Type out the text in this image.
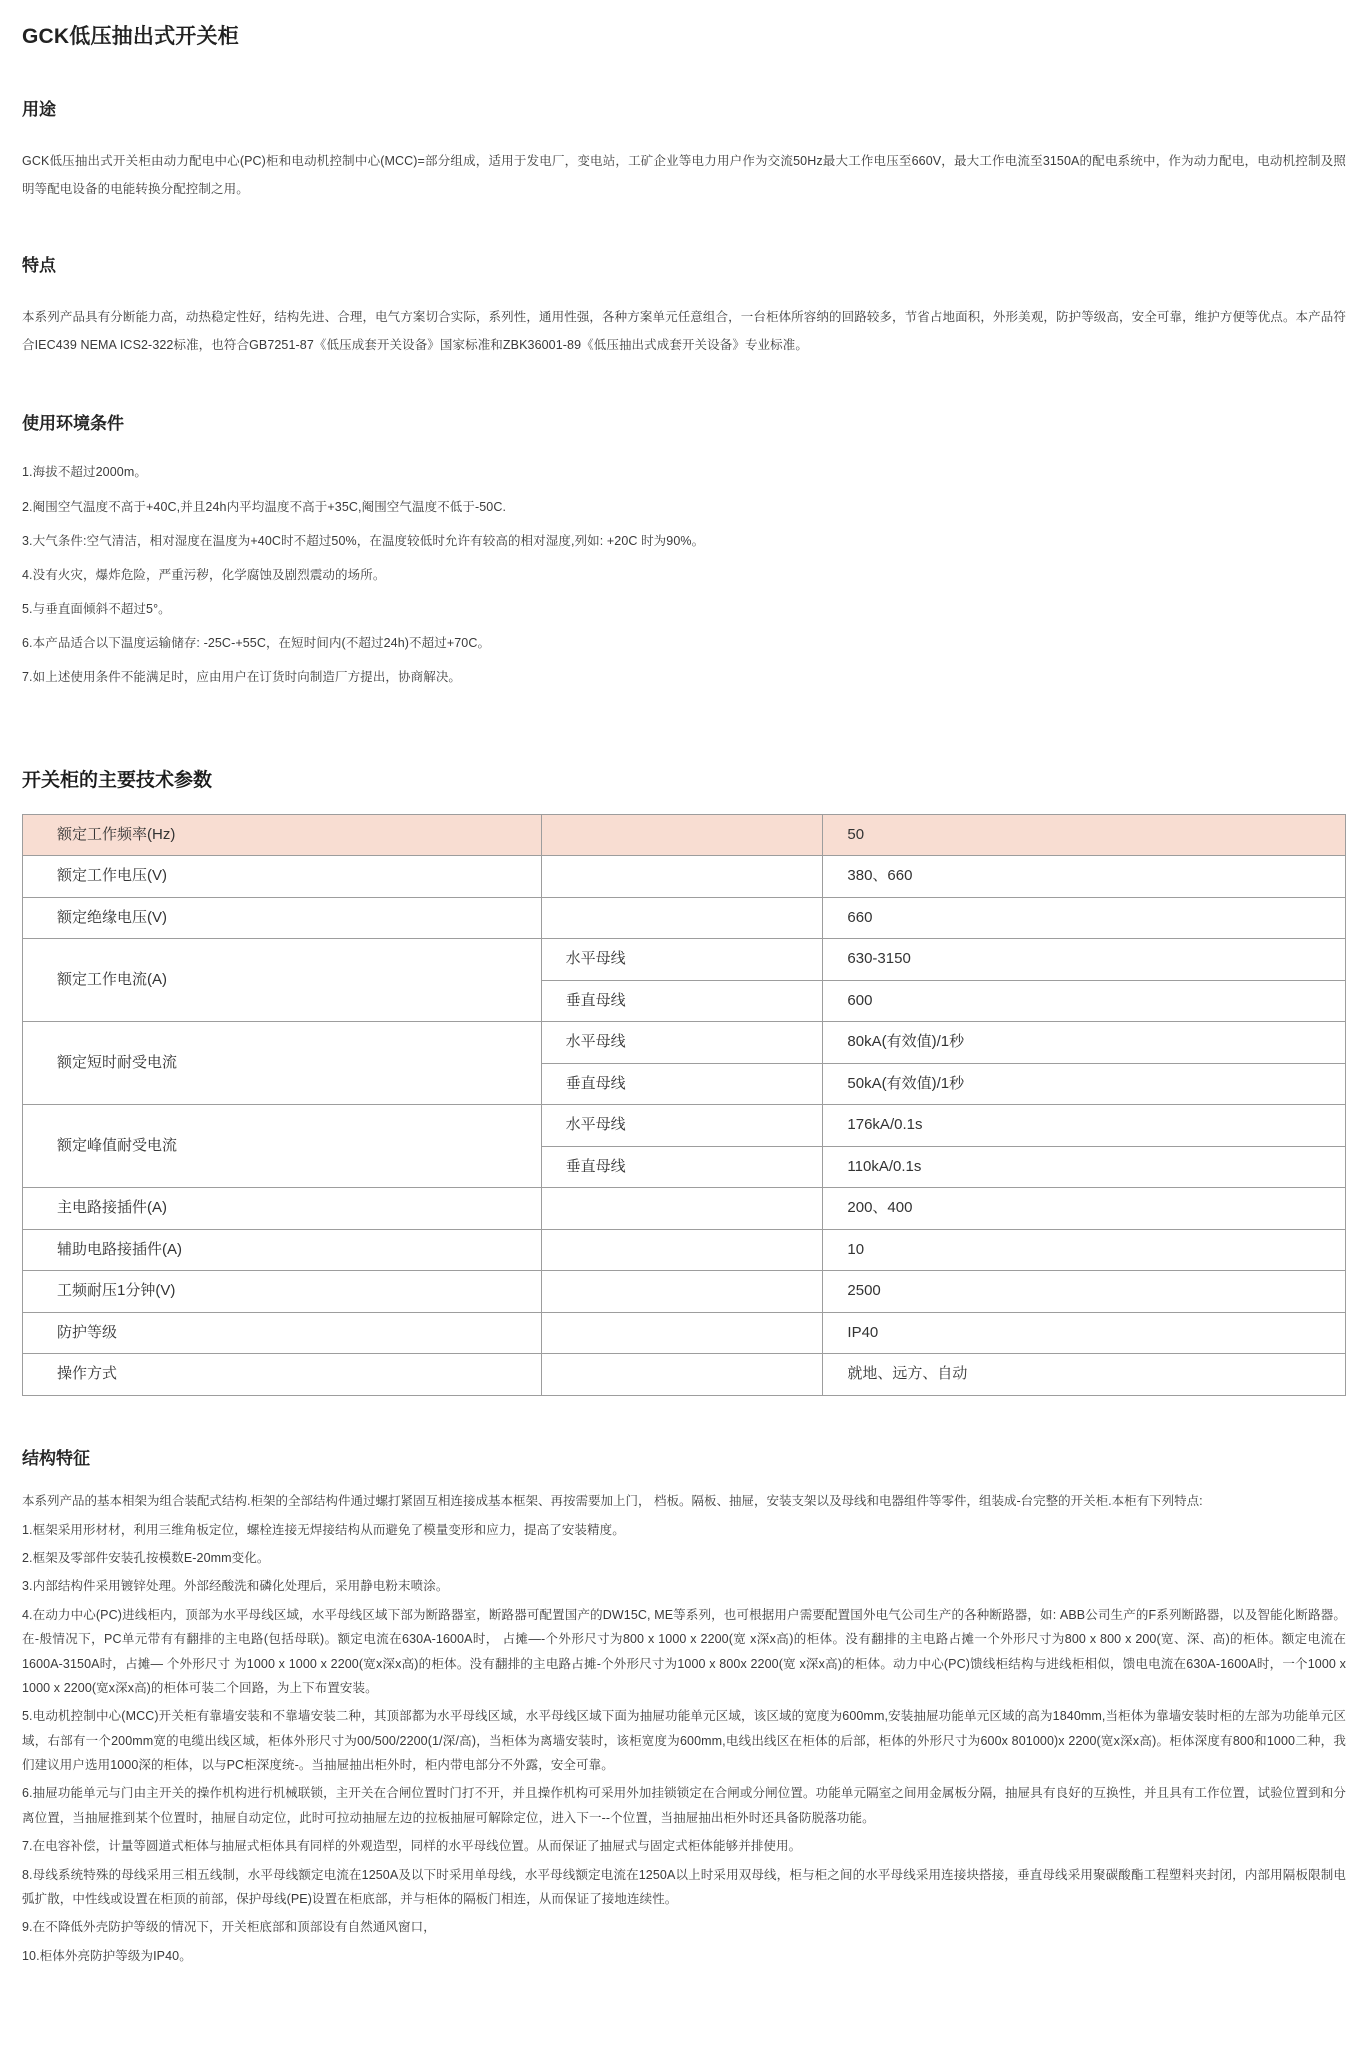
GCK低压抽出式开关柜
用途

GCK低压抽出式开关柜由动力配电中心(PC)柜和电动机控制中心(MCC)=部分组成，适用于发电厂，变电站，工矿企业等电力用户作为交流50Hz最大工作电压至660V，最大工作电流至3150A的配电系统中，作为动力配电，电动机控制及照明等配电设备的电能转换分配控制之用。

特点

本系列产品具有分断能力高，动热稳定性好，结构先进、合理，电气方案切合实际，系列性，通用性强，各种方案单元任意组合，一台柜体所容纳的回路较多，节省占地面积，外形美观，防护等级高，安全可靠，维护方便等优点。本产品符合IEC439 NEMA ICS2-322标准，也符合GB7251-87《低压成套开关设备》国家标准和ZBK36001-89《低压抽出式成套开关设备》专业标准。

使用环境条件

1.海拔不超过2000m。

2.阉围空气温度不高于+40C,并且24h内平均温度不高于+35C,阉围空气温度不低于-50C.

3.大气条件:空气清洁，相对湿度在温度为+40C时不超过50%，在温度较低时允许有较高的相对湿度,列如: +20C 时为90%。

4.没有火灾，爆炸危险，严重污秽，化学腐蚀及剧烈震动的场所。

5.与垂直面倾斜不超过5°。

6.本产品适合以下温度运输储存: -25C-+55C，在短时间内(不超过24h)不超过+70C。

7.如上述使用条件不能满足时，应由用户在订货时向制造厂方提出，协商解决。

开关柜的主要技术参数
额定工作频率(Hz)		50
额定工作电压(V)		380、660
额定绝缘电压(V)		660
额定工作电流(A)	水平母线	630-3150
	垂直母线	600
额定短时耐受电流	水平母线	80kA(有效值)/1秒
	垂直母线	50kA(有效值)/1秒
额定峰值耐受电流	水平母线	176kA/0.1s
	垂直母线	110kA/0.1s
主电路接插件(A)		200、400
辅助电路接插件(A)		10
工频耐压1分钟(V)		2500
防护等级		IP40
操作方式		就地、远方、自动
结构特征

本系列产品的基本相架为组合装配式结构.柜架的全部结构件通过螺打紧固互相连接成基本框架、再按需要加上门， 档板。隔板、抽屉，安装支架以及母线和电器组件等零件，组装成-台完整的开关柜.本柜有下列特点:

1.框架采用形材材，利用三维角板定位，螺栓连接无焊接结构从而避免了模量变形和应力，提高了安装精度。

2.框架及零部件安装孔按模数E-20mm变化。

3.内部结构件采用镀锌处理。外部经酸洗和磷化处理后，采用静电粉末喷涂。

4.在动力中心(PC)进线柜内，顶部为水平母线区域，水平母线区域下部为断路器室，断路器可配置国产的DW15C, ME等系列，也可根据用户需要配置国外电气公司生产的各种断路器，如: ABB公司生产的F系列断路器，以及智能化断路器。在-般情况下，PC单元带有有翻排的主电路(包括母联)。额定电流在630A-1600A时， 占摊—-个外形尺寸为800 x 1000 x 2200(宽 x深x高)的柜体。没有翻排的主电路占摊一个外形尺寸为800 x 800 x 200(宽、深、高)的柜体。额定电流在1600A-3150A时，占摊— 个外形尺寸 为1000 x 1000 x 2200(宽x深x高)的柜体。没有翻排的主电路占摊-个外形尺寸为1000 x 800x 2200(宽 x深x高)的柜体。动力中心(PC)馈线柜结构与进线柜相似，馈电电流在630A-1600A时，一个1000 x 1000 x 2200(宽x深x高)的柜体可装二个回路，为上下布置安装。

5.电动机控制中心(MCC)开关柜有靠墙安装和不靠墙安装二种，其顶部都为水平母线区域，水平母线区域下面为抽屉功能单元区域，该区域的宽度为600mm,安装抽屉功能单元区域的高为1840mm,当柜体为靠墙安装时柜的左部为功能单元区域，右部有一个200mm宽的电缆出线区域，柜体外形尺寸为00/500/2200(1/深/高)，当柜体为离墙安装时，该柜宽度为600mm,电线出线区在柜体的后部，柜体的外形尺寸为600x 801000)x 2200(宽x深x高)。柜体深度有800和1000二种，我们建议用户选用1000深的柜体，以与PC柜深度统-。当抽屉抽出柜外时，柜内带电部分不外露，安全可靠。

6.抽屉功能单元与门由主开关的操作机构进行机械联锁，主开关在合闸位置时门打不开，并且操作机构可采用外加挂锁锁定在合闸或分闸位置。功能单元隔室之间用金属板分隔，抽屉具有良好的互换性，并且具有工作位置，试验位置到和分离位置，当抽屉推到某个位置时，抽屉自动定位，此时可拉动抽屉左边的拉板抽屉可解除定位，进入下一--个位置，当抽屉抽出柜外时还具备防脱落功能。

7.在电容补偿，计量等圆道式柜体与抽屉式柜体具有同样的外观造型，同样的水平母线位置。从而保证了抽屉式与固定式柜体能够并排使用。

8.母线系统特殊的母线采用三相五线制，水平母线额定电流在1250A及以下时采用单母线，水平母线额定电流在1250A以上时采用双母线，柜与柜之间的水平母线采用连接块搭接，垂直母线采用聚碳酸酯工程塑料夹封闭，内部用隔板限制电弧扩散，中性线或设置在柜顶的前部，保护母线(PE)设置在柜底部，并与柜体的隔板门相连，从而保证了接地连续性。

9.在不降低外壳防护等级的情况下，开关柜底部和顶部设有自然通风窗口，

10.柜体外亮防护等级为IP40。
